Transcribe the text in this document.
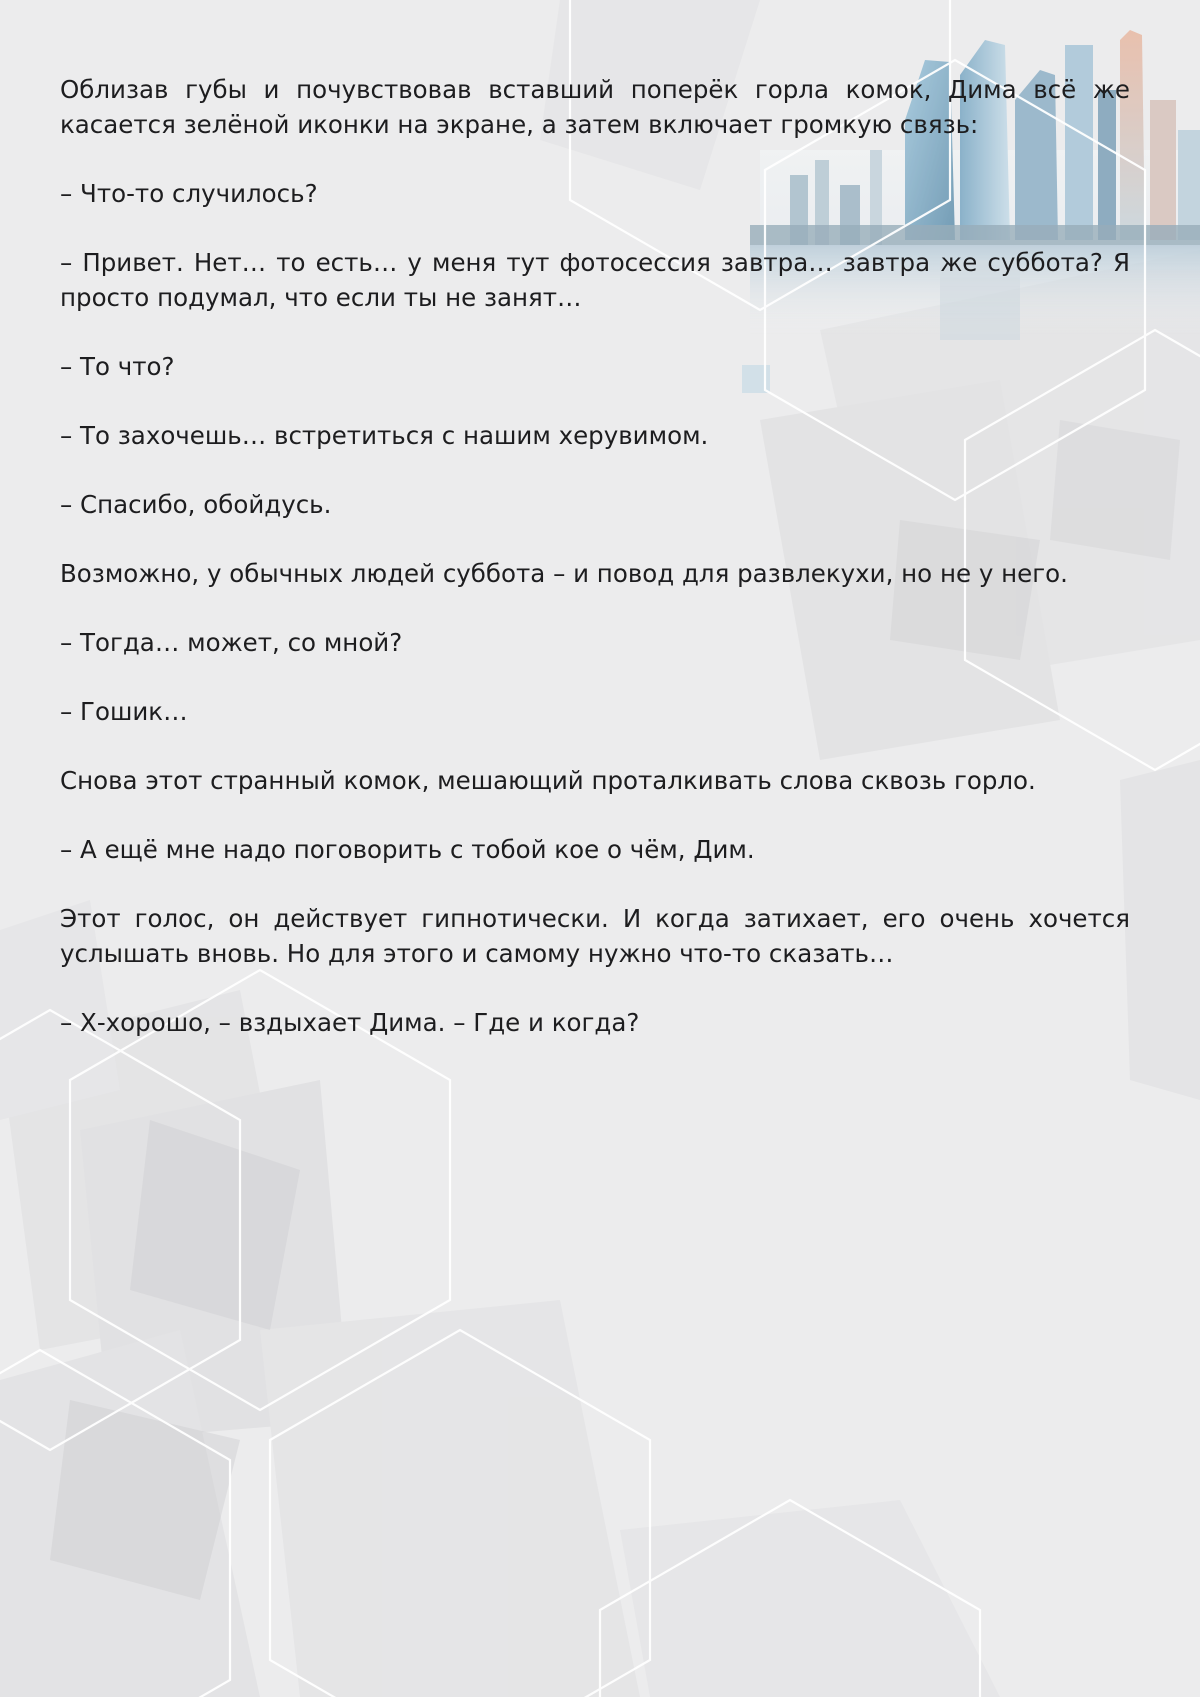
Облизав губы и почувствовав вставший поперёк горла комок, Дима всё же касается зелёной иконки на экране, а затем включает громкую связь:

– Что-то случилось?

– Привет. Нет… то есть… у меня тут фотосессия завтра… завтра же суббота? Я просто подумал, что если ты не занят…

– То что?

– То захочешь… встретиться с нашим херувимом.

– Спасибо, обойдусь.

Возможно, у обычных людей суббота – и повод для развлекухи, но не у него.

– Тогда… может, со мной?

– Гошик…

Снова этот странный комок, мешающий проталкивать слова сквозь горло.

– А ещё мне надо поговорить с тобой кое о чём, Дим.

Этот голос, он действует гипнотически. И когда затихает, его очень хочется услышать вновь. Но для этого и самому нужно что-то сказать…

– Х-хорошо, – вздыхает Дима. – Где и когда?
